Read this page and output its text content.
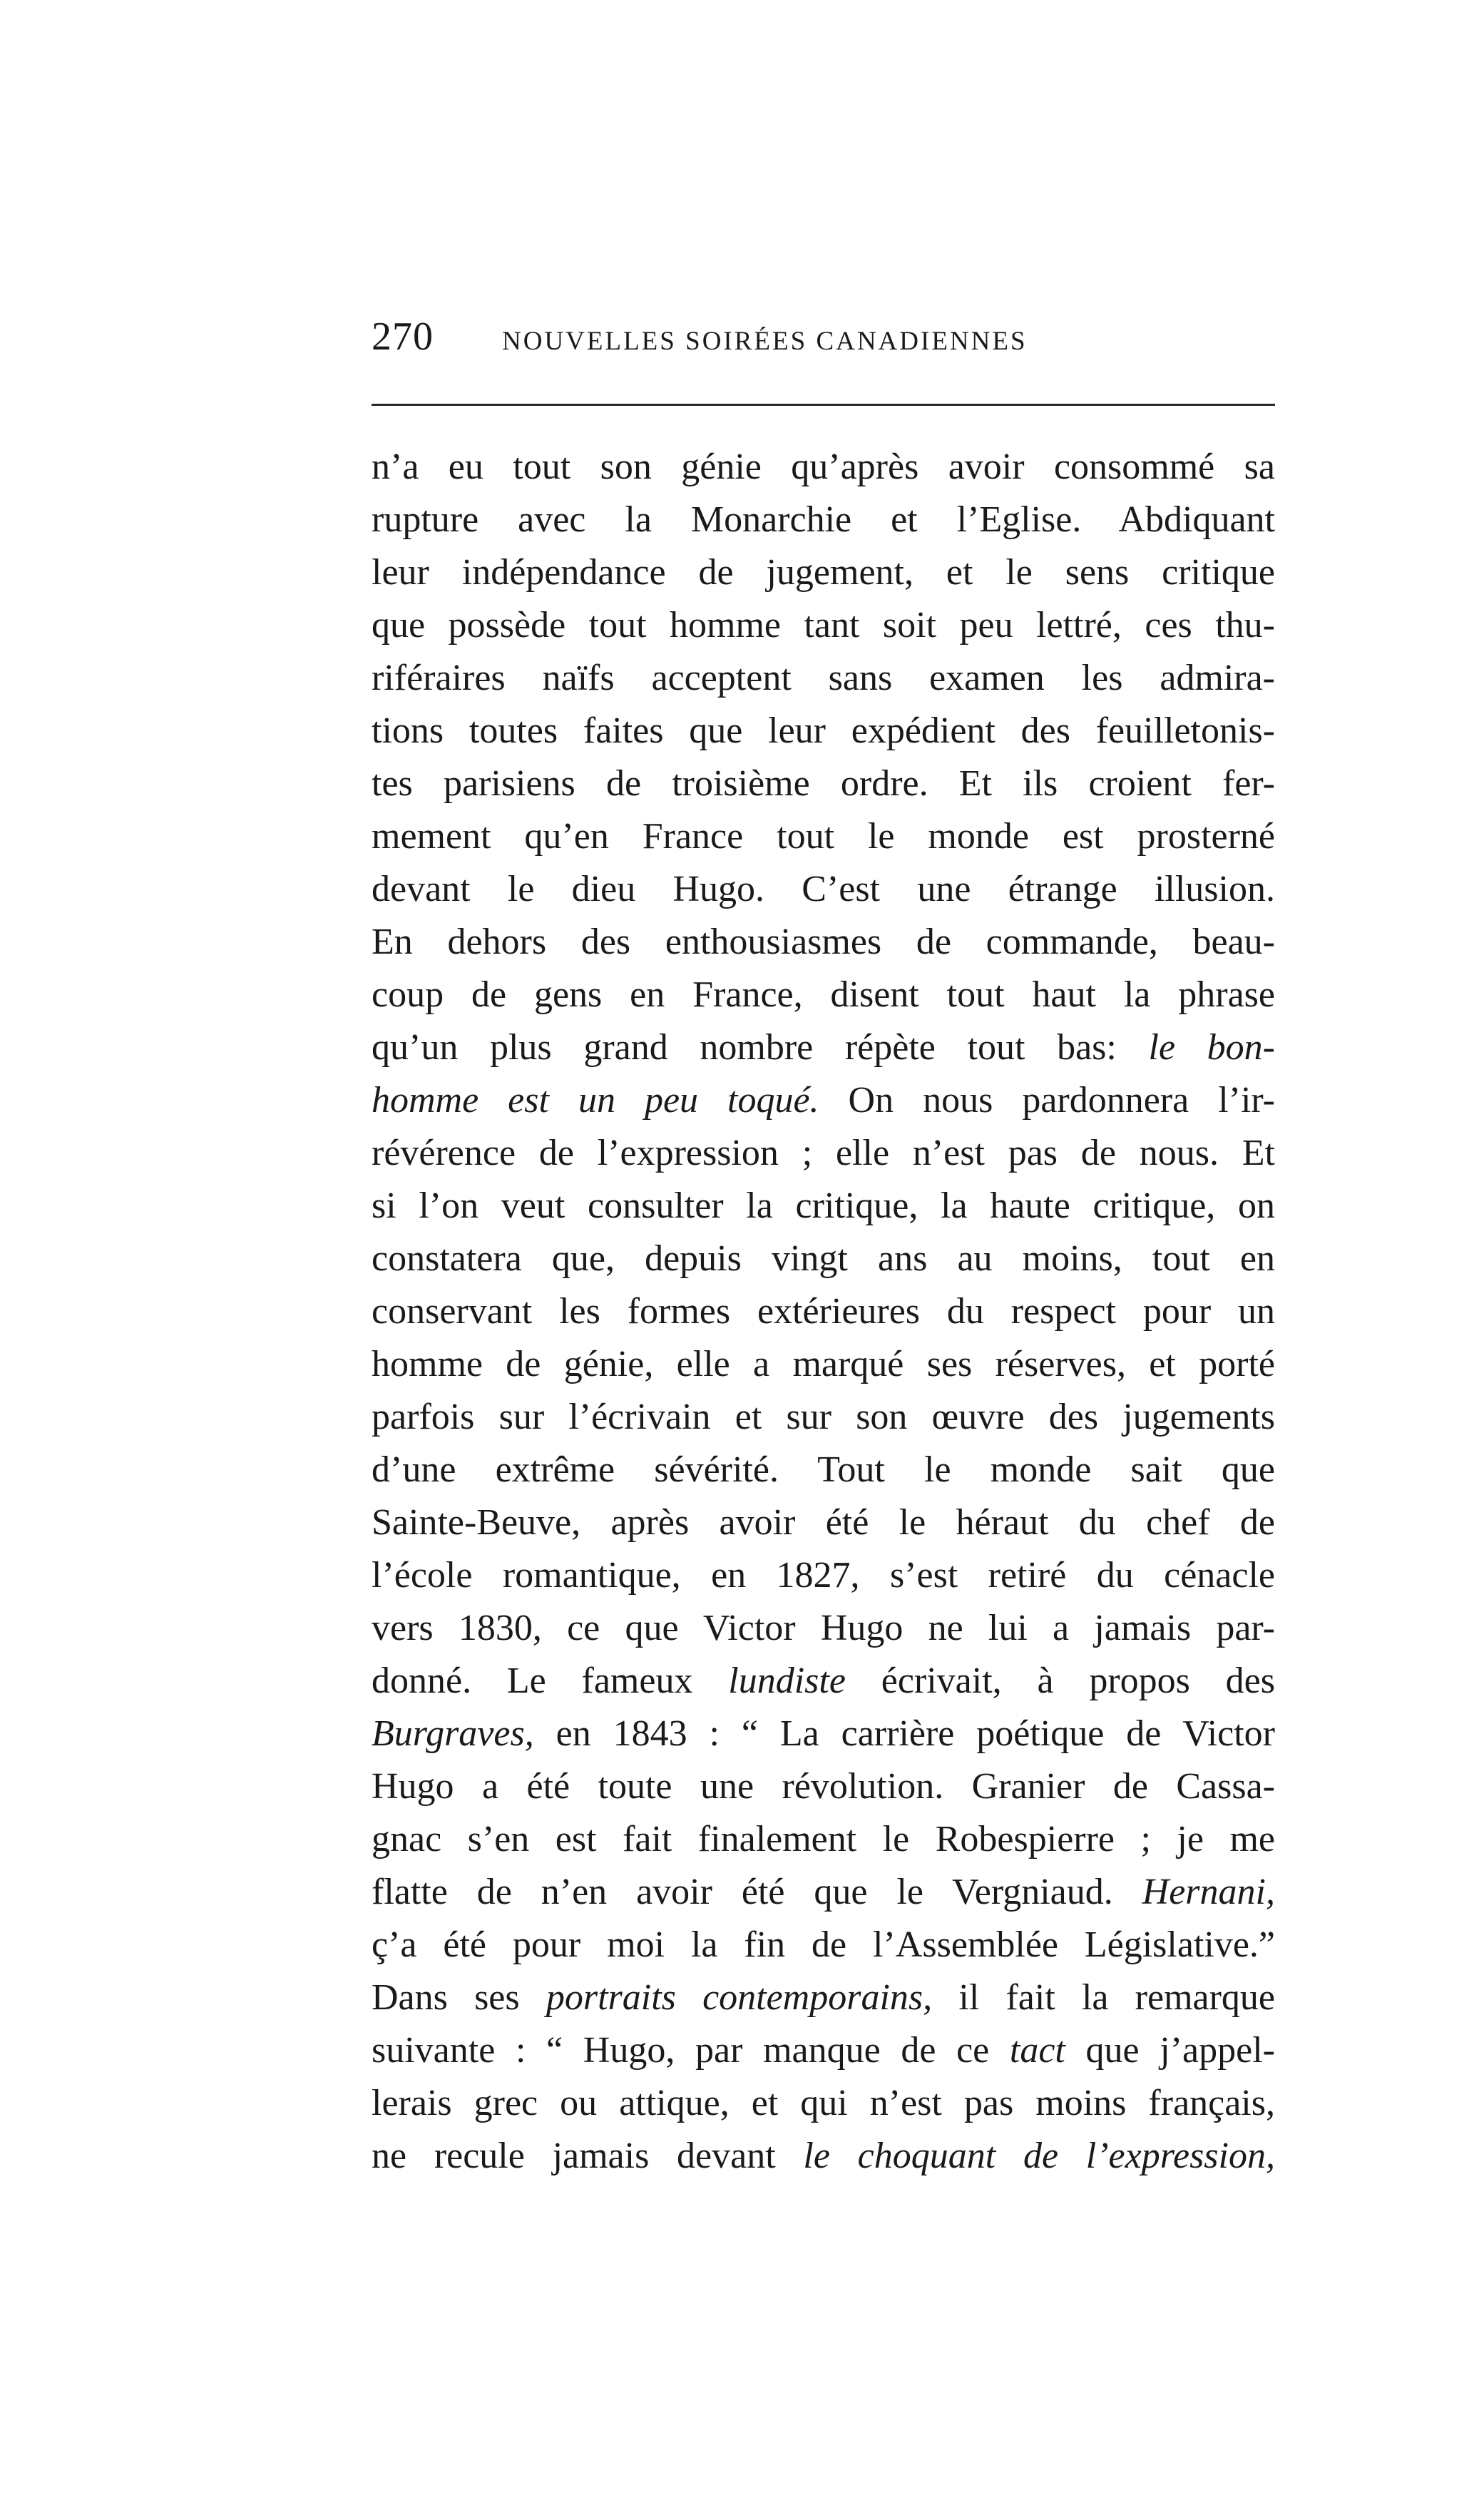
270	NOUVELLES SOIRÉES CANADIENNES
n’a eu tout son génie qu’après avoir consommé sa
rupture avec la Monarchie et l’Eglise. Abdiquant
leur indépendance de jugement, et le sens critique
que possède tout homme tant soit peu lettré, ces thu-
riféraires naïfs acceptent sans examen les admira-
tions toutes faites que leur expédient des feuilletonis-
tes parisiens de troisième ordre. Et ils croient fer-
mement qu’en France tout le monde est prosterné
devant le dieu Hugo. C’est une étrange illusion.
En dehors des enthousiasmes de commande, beau-
coup de gens en France, disent tout haut la phrase
qu’un plus grand nombre répète tout bas: le bon-
homme est un peu toqué. On nous pardonnera l’ir-
révérence de l’expression ; elle n’est pas de nous. Et
si l’on veut consulter la critique, la haute critique, on
constatera que, depuis vingt ans au moins, tout en
conservant les formes extérieures du respect pour un
homme de génie, elle a marqué ses réserves, et porté
parfois sur l’écrivain et sur son œuvre des jugements
d’une extrême sévérité. Tout le monde sait que
Sainte-Beuve, après avoir été le héraut du chef de
l’école romantique, en 1827, s’est retiré du cénacle
vers 1830, ce que Victor Hugo ne lui a jamais par-
donné. Le fameux lundiste écrivait, à propos des
Burgraves, en 1843 : “ La carrière poétique de Victor
Hugo a été toute une révolution. Granier de Cassa-
gnac s’en est fait finalement le Robespierre ; je me
flatte de n’en avoir été que le Vergniaud. Hernani,
ç’a été pour moi la fin de l’Assemblée Législative.”
Dans ses portraits contemporains, il fait la remarque
suivante : “ Hugo, par manque de ce tact que j’appel-
lerais grec ou attique, et qui n’est pas moins français,
ne recule jamais devant le choquant de l’expression,
